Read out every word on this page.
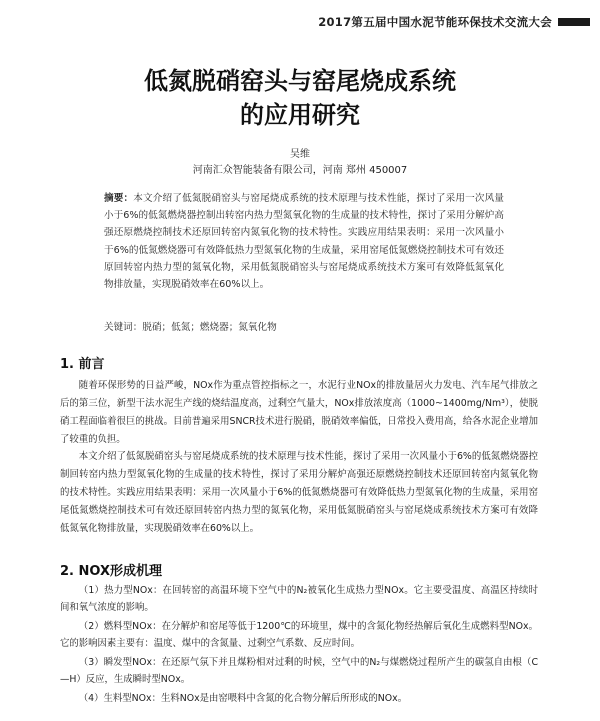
2017第五届中国水泥节能环保技术交流大会
低氮脱硝窑头与窑尾烧成系统
的应用研究
吴维
河南汇众智能装备有限公司，河南 郑州 450007
摘要：本文介绍了低氮脱硝窑头与窑尾烧成系统的技术原理与技术性能，探讨了采用一次风量小于6%的低氮燃烧器控制出转窑内热力型氮氧化物的生成量的技术特性，探讨了采用分解炉高强还原燃烧控制技术还原回转窑内氮氧化物的技术特性。实践应用结果表明：采用一次风量小于6%的低氮燃烧器可有效降低热力型氮氧化物的生成量，采用窑尾低氮燃烧控制技术可有效还原回转窑内热力型的氮氧化物，采用低氮脱硝窑头与窑尾烧成系统技术方案可有效降低氮氧化物排放量，实现脱硝效率在60%以上。
关键词：脱硝；低氮；燃烧器；氮氧化物
1. 前言
随着环保形势的日益严峻，NOx作为重点管控指标之一，水泥行业NOx的排放量居火力发电、汽车尾气排放之后的第三位，新型干法水泥生产线的烧结温度高，过剩空气量大，NOx排放浓度高（1000~1400mg/Nm³），使脱硝工程面临着很巨的挑战。目前普遍采用SNCR技术进行脱硝，脱硝效率偏低，日常投入费用高，给各水泥企业增加了较重的负担。
本文介绍了低氮脱硝窑头与窑尾烧成系统的技术原理与技术性能，探讨了采用一次风量小于6%的低氮燃烧器控制回转窑内热力型氮氧化物的生成量的技术特性，探讨了采用分解炉高强还原燃烧控制技术还原回转窑内氮氧化物的技术特性。实践应用结果表明：采用一次风量小于6%的低氮燃烧器可有效降低热力型氮氧化物的生成量，采用窑尾低氮燃烧控制技术可有效还原回转窑内热力型的氮氧化物，采用低氮脱硝窑头与窑尾烧成系统技术方案可有效降低氮氧化物排放量，实现脱硝效率在60%以上。
2. NOX形成机理
（1）热力型NOx：在回转窑的高温环境下空气中的N₂被氧化生成热力型NOx。它主要受温度、高温区持续时间和氧气浓度的影响。
（2）燃料型NOx：在分解炉和窑尾等低于1200℃的环境里，煤中的含氮化物经热解后氧化生成燃料型NOx。它的影响因素主要有：温度、煤中的含氮量、过剩空气系数、反应时间。
（3）瞬发型NOx：在还原气氛下并且煤粉相对过剩的时候，空气中的N₂与煤燃烧过程所产生的碳氢自由根（C—H）反应，生成瞬时型NOx。
（4）生料型NOx：生料NOx是由窑喂料中含氮的化合物分解后所形成的NOx。
